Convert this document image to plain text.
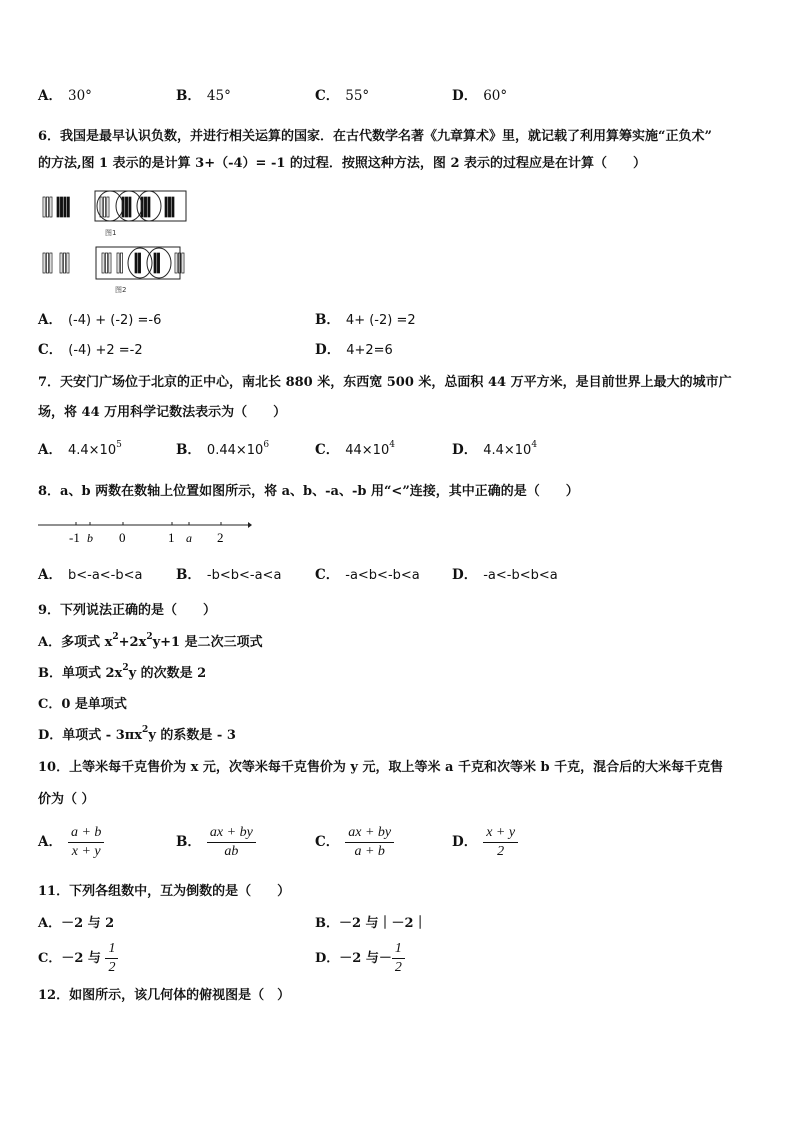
A． 30°	B． 45°	C． 55°	D． 60°
6．我国是最早认识负数，并进行相关运算的国家．在古代数学名著《九章算术》里，就记载了利用算筹实施“正负术”
的方法,图 1 表示的是计算 3+（-4）= -1 的过程．按照这种方法，图 2 表示的过程应是在计算（　　）
图1
图2
A． (-4) + (-2) =-6	B． 4+ (-2) =2
C． (-4) +2 =-2	D． 4+2=6
7．天安门广场位于北京的正中心，南北长 880 米，东西宽 500 米，总面积 44 万平方米，是目前世界上最大的城市广
场，将 44 万用科学记数法表示为（　　）
A． $4.4\times 10^5$	B． $0.44\times 10^6$	C． $44\times 10^4$	D． $4.4\times 10^4$
8．a、b 两数在数轴上位置如图所示，将 a、b、-a、-b 用“<”连接，其中正确的是（　　）
-1 b 0	1 a 2
A． b<-a<-b<a B． -b<b<-a<a C． -a<b<-b<a D． -a<-b<b<a
9．下列说法正确的是（　　）
A．多项式 $x^2+2x^2y+1$ 是二次三项式
B．单项式 $2x^2y$ 的次数是 2
C．0 是单项式
D．单项式 - $3\pi x^2y$ 的系数是 - 3
10．上等米每千克售价为 x 元，次等米每千克售价为 y 元，取上等米 a 千克和次等米 b 千克，混合后的大米每千克售
价为（ ）
A． $\frac{a + b}{x + y}$	B． $\frac{ax + by}{ab}$	C． $\frac{ax + by}{a + b}$	D． $\frac{x + y}{2}$
11．下列各组数中，互为倒数的是（　　）
A．－2 与 2	B．－2 与｜－2｜
C．－2 与 $\frac{1}{2}$	D．－2 与－ $\frac{1}{2}$
12．如图所示，该几何体的俯视图是（　）
